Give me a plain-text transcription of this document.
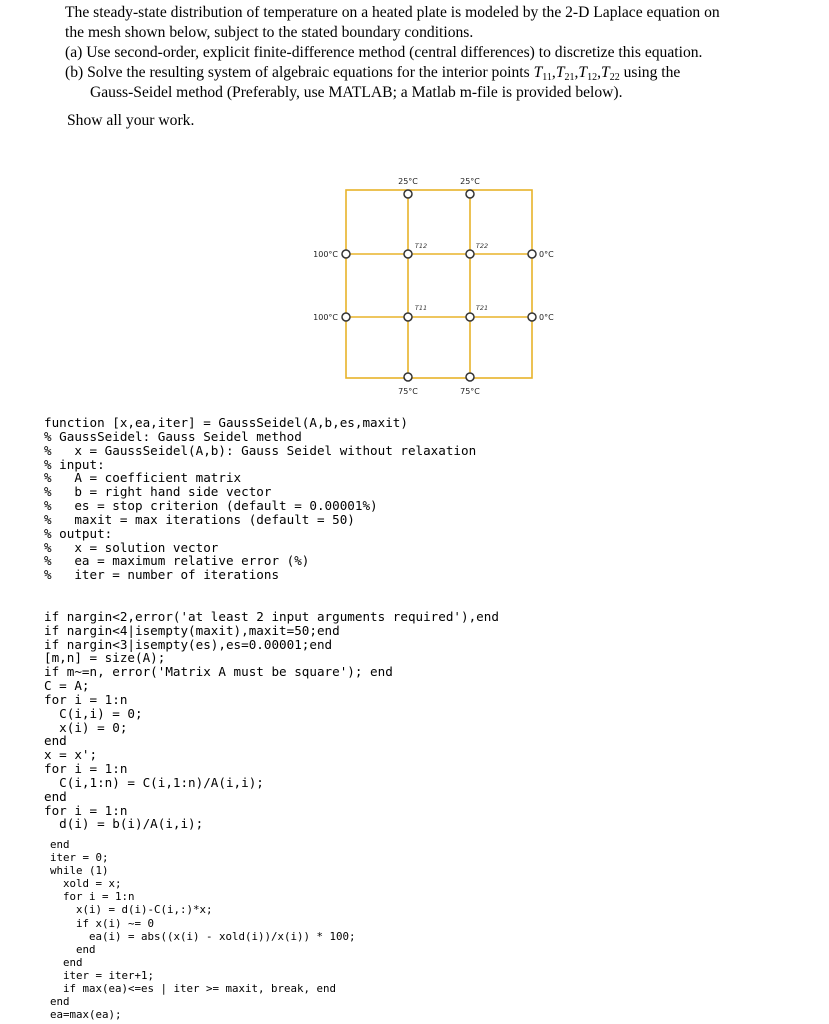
The steady-state distribution of temperature on a heated plate is modeled by the 2-D Laplace equation on

the mesh shown below, subject to the stated boundary conditions.

(a) Use second-order, explicit finite-difference method (central differences) to discretize this equation.

(b) Solve the resulting system of algebraic equations for the interior points $T_{11},T_{21},T_{12},T_{22}$ using the

Gauss-Seidel method (Preferably, use MATLAB; a Matlab m-file is provided below).

Show all your work.
25°C	25°C
100°C
100°C
0°C
0°C
75°C	75°C
T12	T22
T11	T21
function [x,ea,iter] = GaussSeidel(A,b,es,maxit)
% GaussSeidel: Gauss Seidel method
%   x = GaussSeidel(A,b): Gauss Seidel without relaxation
% input:
%   A = coefficient matrix
%   b = right hand side vector
%   es = stop criterion (default = 0.00001%)
%   maxit = max iterations (default = 50)
% output:
%   x = solution vector
%   ea = maximum relative error (%)
%   iter = number of iterations
if nargin<2,error('at least 2 input arguments required'),end
if nargin<4|isempty(maxit),maxit=50;end
if nargin<3|isempty(es),es=0.00001;end
[m,n] = size(A);
if m~=n, error('Matrix A must be square'); end
C = A;
for i = 1:n
C(i,i) = 0;
x(i) = 0;
end
x = x';
for i = 1:n
C(i,1:n) = C(i,1:n)/A(i,i);
end
for i = 1:n
d(i) = b(i)/A(i,i);
end
iter = 0;
while (1)
xold = x;
for i = 1:n
x(i) = d(i)-C(i,:)*x;
if x(i) ~= 0
ea(i) = abs((x(i) - xold(i))/x(i)) * 100;
end
end
iter = iter+1;
if max(ea)<=es | iter >= maxit, break, end
end
ea=max(ea);
